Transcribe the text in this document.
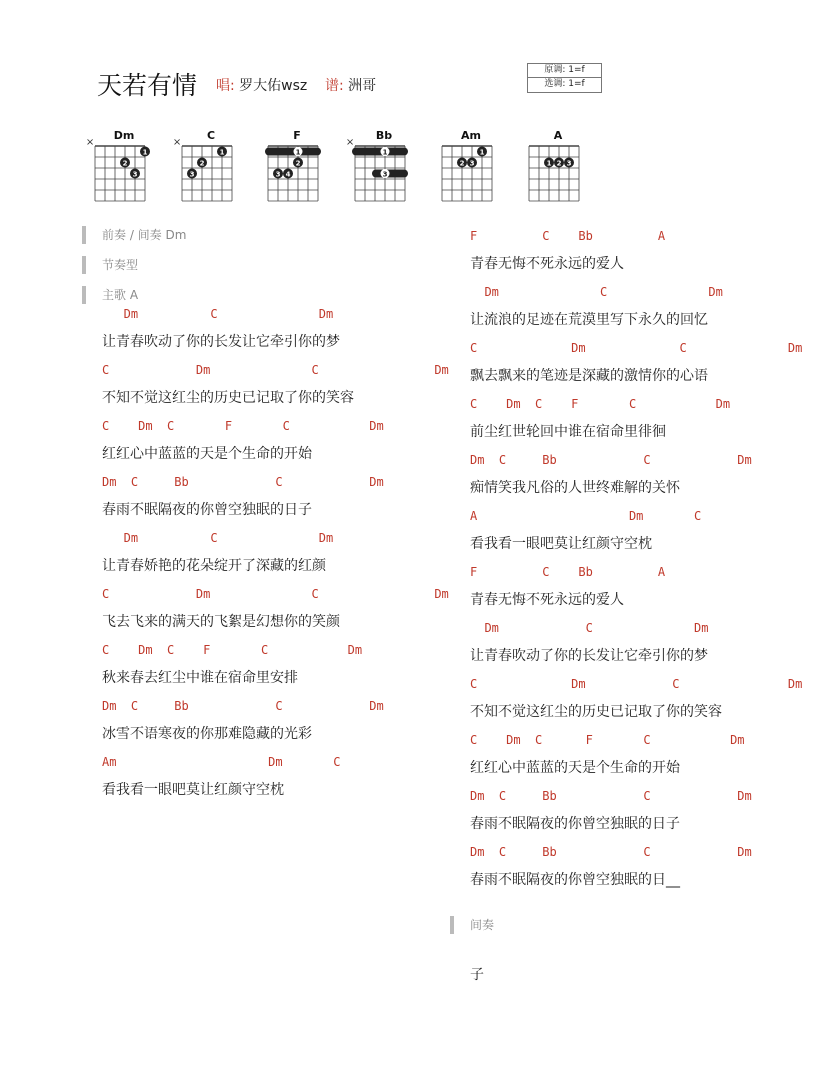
天若有情 唱: 罗大佑wsz 谱: 洲哥
原调: 1=f
选调: 1=f
Dm
×
1
2
3
C
×
1
2
3
F
1
2
3 4
Bb
×
1
3
Am
1
2 3
A
1 2 3
前奏 / 间奏 Dm
节奏型
主歌 A
Dm          C              Dm
让青春吹动了你的长发让它牵引你的梦
C            Dm              C                Dm
不知不觉这红尘的历史已记取了你的笑容
C    Dm  C       F       C           Dm
红红心中蓝蓝的天是个生命的开始
Dm  C     Bb            C            Dm
春雨不眠隔夜的你曾空独眠的日子
Dm          C              Dm
让青春娇艳的花朵绽开了深藏的红颜
C            Dm              C                Dm
飞去飞来的满天的飞絮是幻想你的笑颜
C    Dm  C    F       C           Dm
秋来春去红尘中谁在宿命里安排
Dm  C     Bb            C            Dm
冰雪不语寒夜的你那难隐藏的光彩
Am                     Dm       C
看我看一眼吧莫让红颜守空枕
F         C    Bb         A
青春无悔不死永远的爱人
Dm              C              Dm
让流浪的足迹在荒漠里写下永久的回忆
C             Dm             C              Dm
飘去飘来的笔迹是深藏的激情你的心语
C    Dm  C    F       C           Dm
前尘红世轮回中谁在宿命里徘徊
Dm  C     Bb            C            Dm
痴情笑我凡俗的人世终难解的关怀
A                     Dm       C
看我看一眼吧莫让红颜守空枕
F         C    Bb         A
青春无悔不死永远的爱人
Dm            C              Dm
让青春吹动了你的长发让它牵引你的梦
C             Dm            C               Dm
不知不觉这红尘的历史已记取了你的笑容
C    Dm  C      F       C           Dm
红红心中蓝蓝的天是个生命的开始
Dm  C     Bb            C            Dm
春雨不眠隔夜的你曾空独眠的日子
Dm  C     Bb            C            Dm
春雨不眠隔夜的你曾空独眠的日__
间奏
子
